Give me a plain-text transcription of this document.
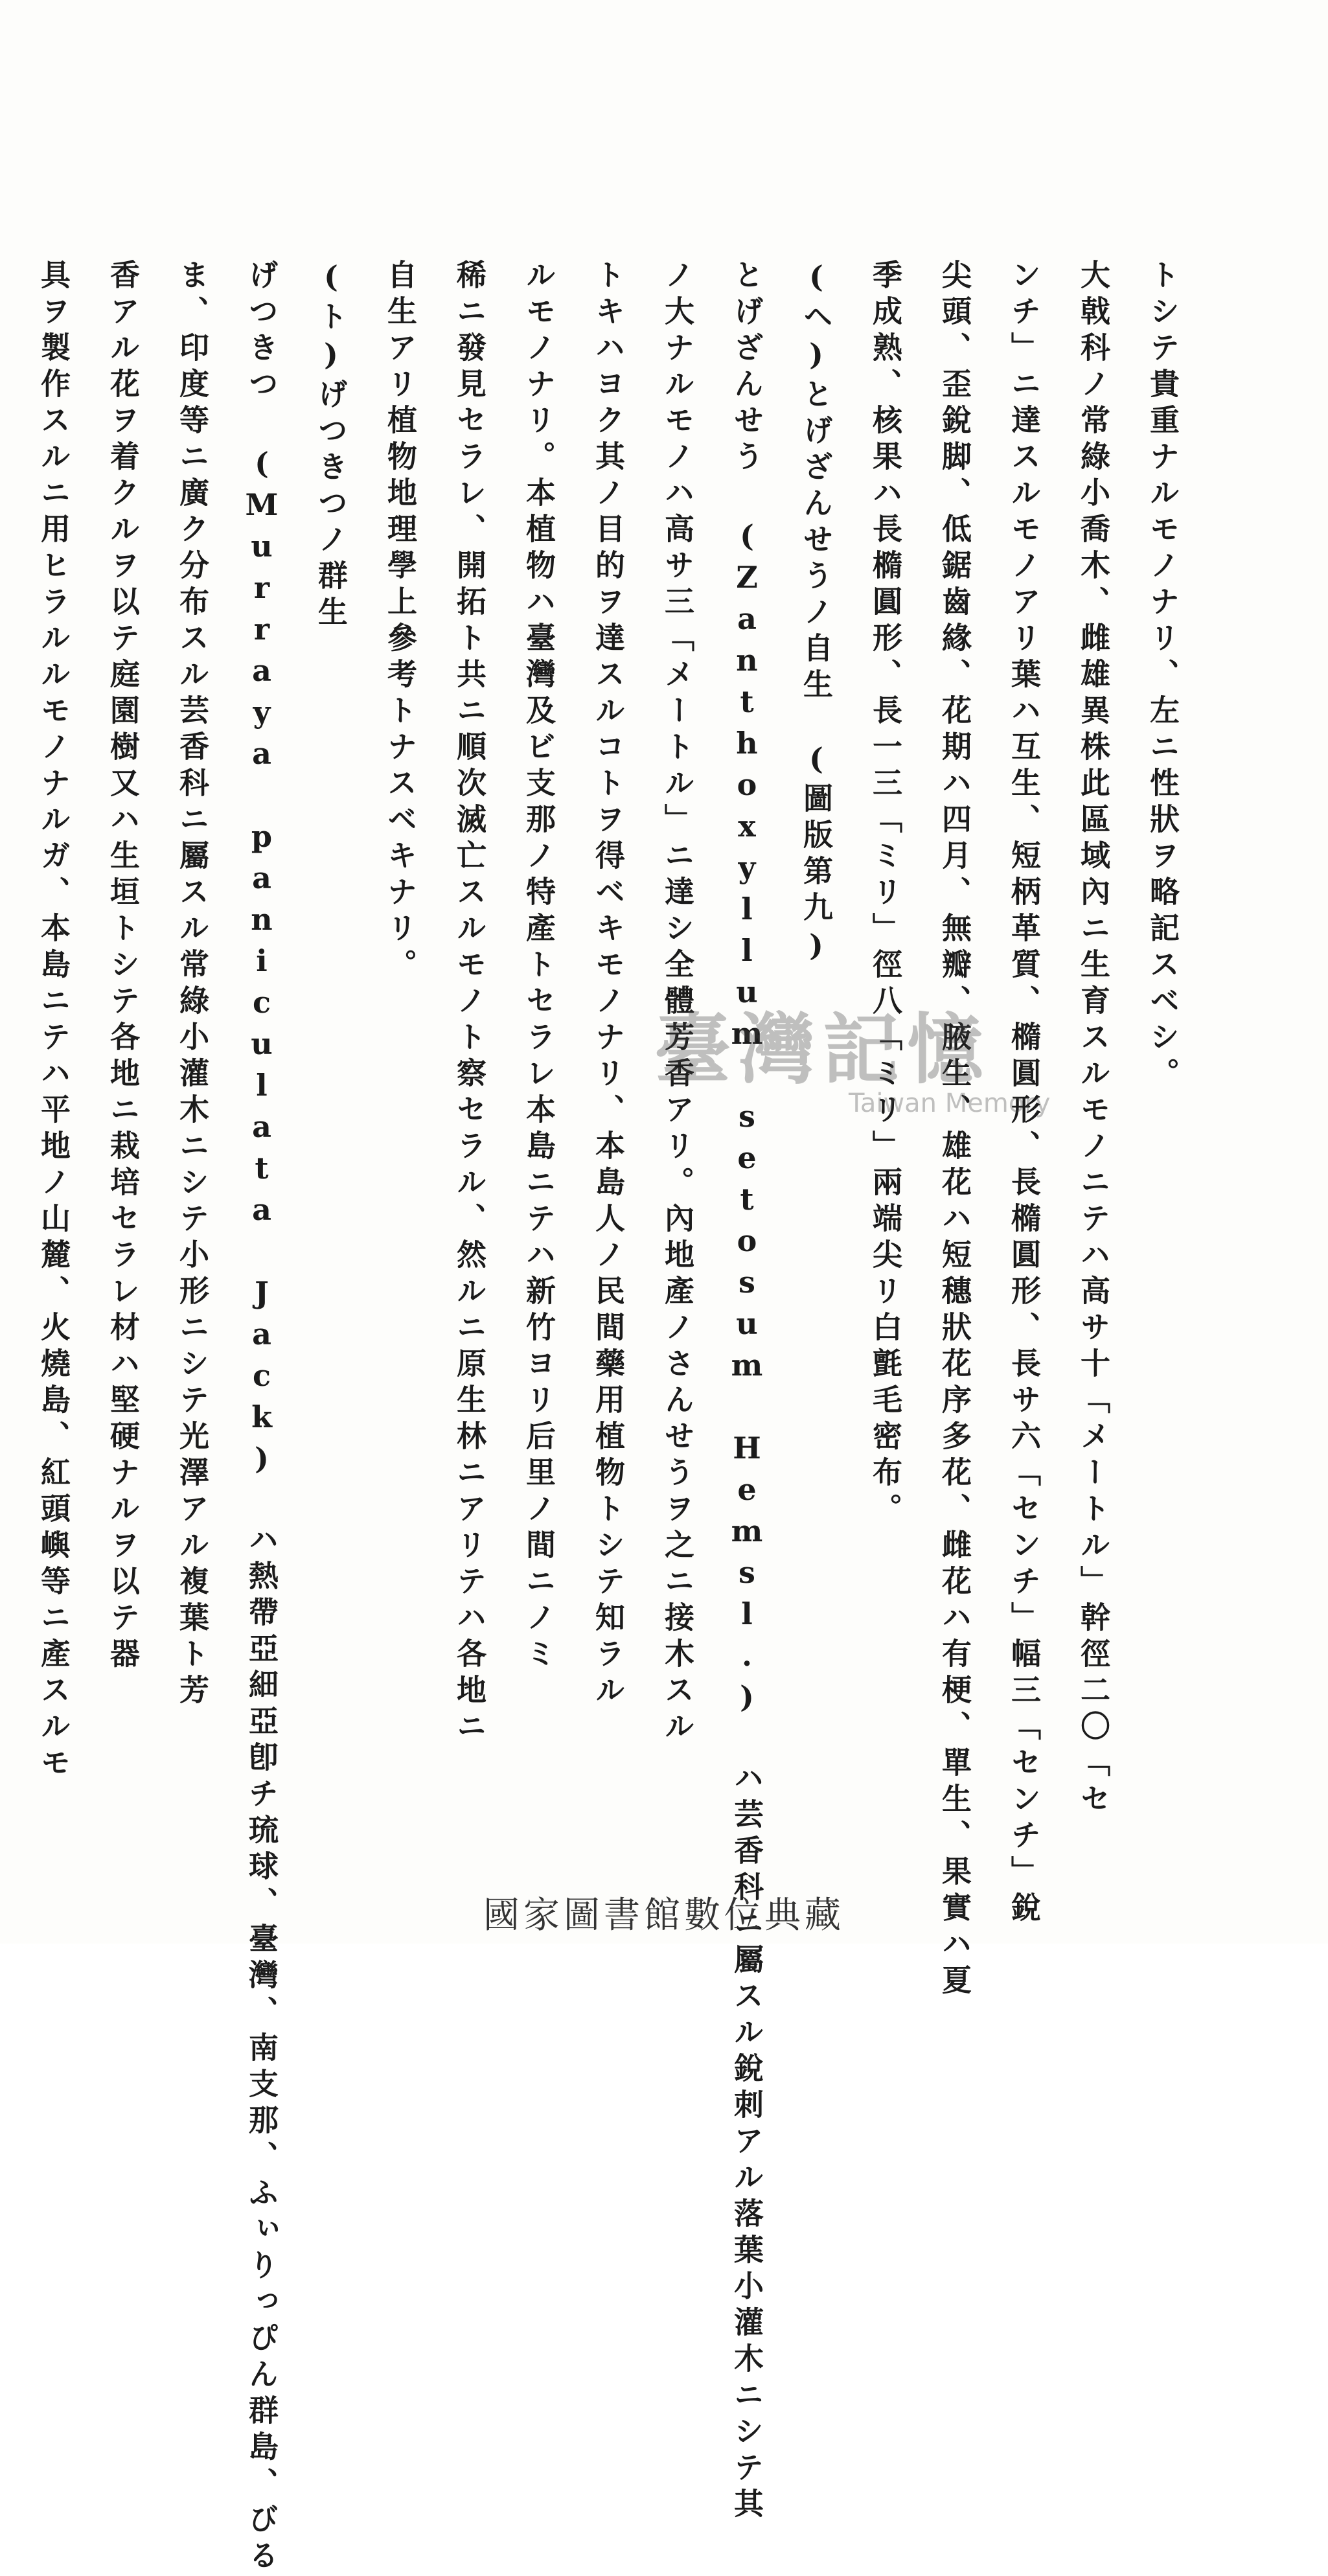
トシテ貴重ナルモノナリ、左ニ性狀ヲ略記スベシ。
大戟科ノ常綠小喬木、雌雄異株此區域內ニ生育スルモノニテハ高サ十「メートル」幹徑二〇「セ
ンチ」ニ達スルモノアリ葉ハ互生、短柄革質、橢圓形、長橢圓形、長サ六「センチ」幅三「センチ」銳
尖頭、歪銳脚、低鋸齒緣、花期ハ四月、無瓣、腋生、雄花ハ短穗狀花序多花、雌花ハ有梗、單生、果實ハ夏
季成熟、核果ハ長橢圓形、長一三「ミリ」徑八「ミリ」兩端尖リ白氈毛密布。
(ヘ)とげざんせうノ自生　(圖版第九)
とげざんせう (Zanthoxyllum setosum Hemsl.) ハ芸香科ニ屬スル銳刺アル落葉小灌木ニシテ其
ノ大ナルモノハ高サ三「メートル」ニ達シ全體芳香アリ。內地產ノさんせうヲ之ニ接木スル
トキハヨク其ノ目的ヲ達スルコトヲ得ベキモノナリ、本島人ノ民間藥用植物トシテ知ラル
ルモノナリ。本植物ハ臺灣及ビ支那ノ特產トセラレ本島ニテハ新竹ヨリ后里ノ間ニノミ
稀ニ發見セラレ、開拓ト共ニ順次滅亡スルモノト察セラル、然ルニ原生林ニアリテハ各地ニ
自生アリ植物地理學上參考トナスベキナリ。
(ト)げつきつノ群生
げつきつ (Murraya paniculata Jack) ハ熱帶亞細亞卽チ琉球、臺灣、南支那、ふぃりっぴん群島、びる
ま、印度等ニ廣ク分布スル芸香科ニ屬スル常綠小灌木ニシテ小形ニシテ光澤アル複葉ト芳
香アル花ヲ着クルヲ以テ庭園樹又ハ生垣トシテ各地ニ栽培セラレ材ハ堅硬ナルヲ以テ器
具ヲ製作スルニ用ヒラルルモノナルガ、本島ニテハ平地ノ山麓、火燒島、紅頭嶼等ニ產スルモ	臺灣記憶
Taiwan Memory
國家圖書館數位典藏
